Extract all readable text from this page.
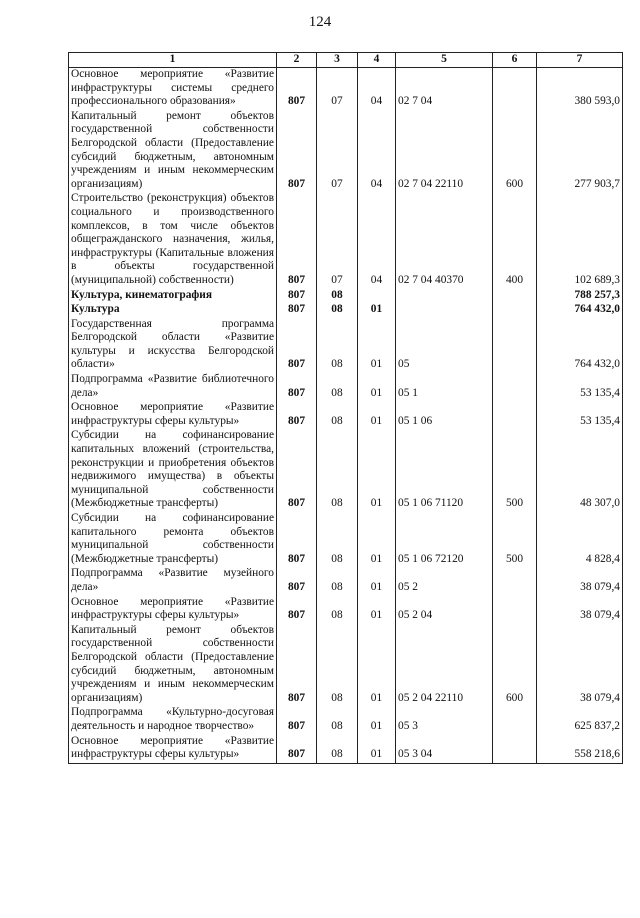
124
1	2	3	4	5	6	7
Основное мероприятие «Развитие инфраструктуры системы среднего профессионального образования»	807	07	04	02 7 04		380 593,0
Капитальный ремонт объектов государственной собственности Белгородской области (Предоставление субсидий бюджетным, автономным учреждениям и иным некоммерческим организациям)	807	07	04	02 7 04 22110	600	277 903,7
Строительство (реконструкция) объектов социального и производственного комплексов, в том числе объектов общегражданского назначения, жилья, инфраструктуры (Капитальные вложения в объекты государственной (муниципальной) собственности)	807	07	04	02 7 04 40370	400	102 689,3
Культура, кинематография	807	08				788 257,3
Культура	807	08	01			764 432,0
Государственная программа Белгородской области «Развитие культуры и искусства Белгородской области»	807	08	01	05		764 432,0
Подпрограмма «Развитие библиотечного дела»	807	08	01	05 1		53 135,4
Основное мероприятие «Развитие инфраструктуры сферы культуры»	807	08	01	05 1 06		53 135,4
Субсидии на софинансирование капитальных вложений (строительства, реконструкции и приобретения объектов недвижимого имущества) в объекты муниципальной собственности (Межбюджетные трансферты)	807	08	01	05 1 06 71120	500	48 307,0
Субсидии на софинансирование капитального ремонта объектов муниципальной собственности (Межбюджетные трансферты)	807	08	01	05 1 06 72120	500	4 828,4
Подпрограмма «Развитие музейного дела»	807	08	01	05 2		38 079,4
Основное мероприятие «Развитие инфраструктуры сферы культуры»	807	08	01	05 2 04		38 079,4
Капитальный ремонт объектов государственной собственности Белгородской области (Предоставление субсидий бюджетным, автономным учреждениям и иным некоммерческим организациям)	807	08	01	05 2 04 22110	600	38 079,4
Подпрограмма «Культурно-досуговая деятельность и народное творчество»	807	08	01	05 3		625 837,2
Основное мероприятие «Развитие инфраструктуры сферы культуры»	807	08	01	05 3 04		558 218,6
